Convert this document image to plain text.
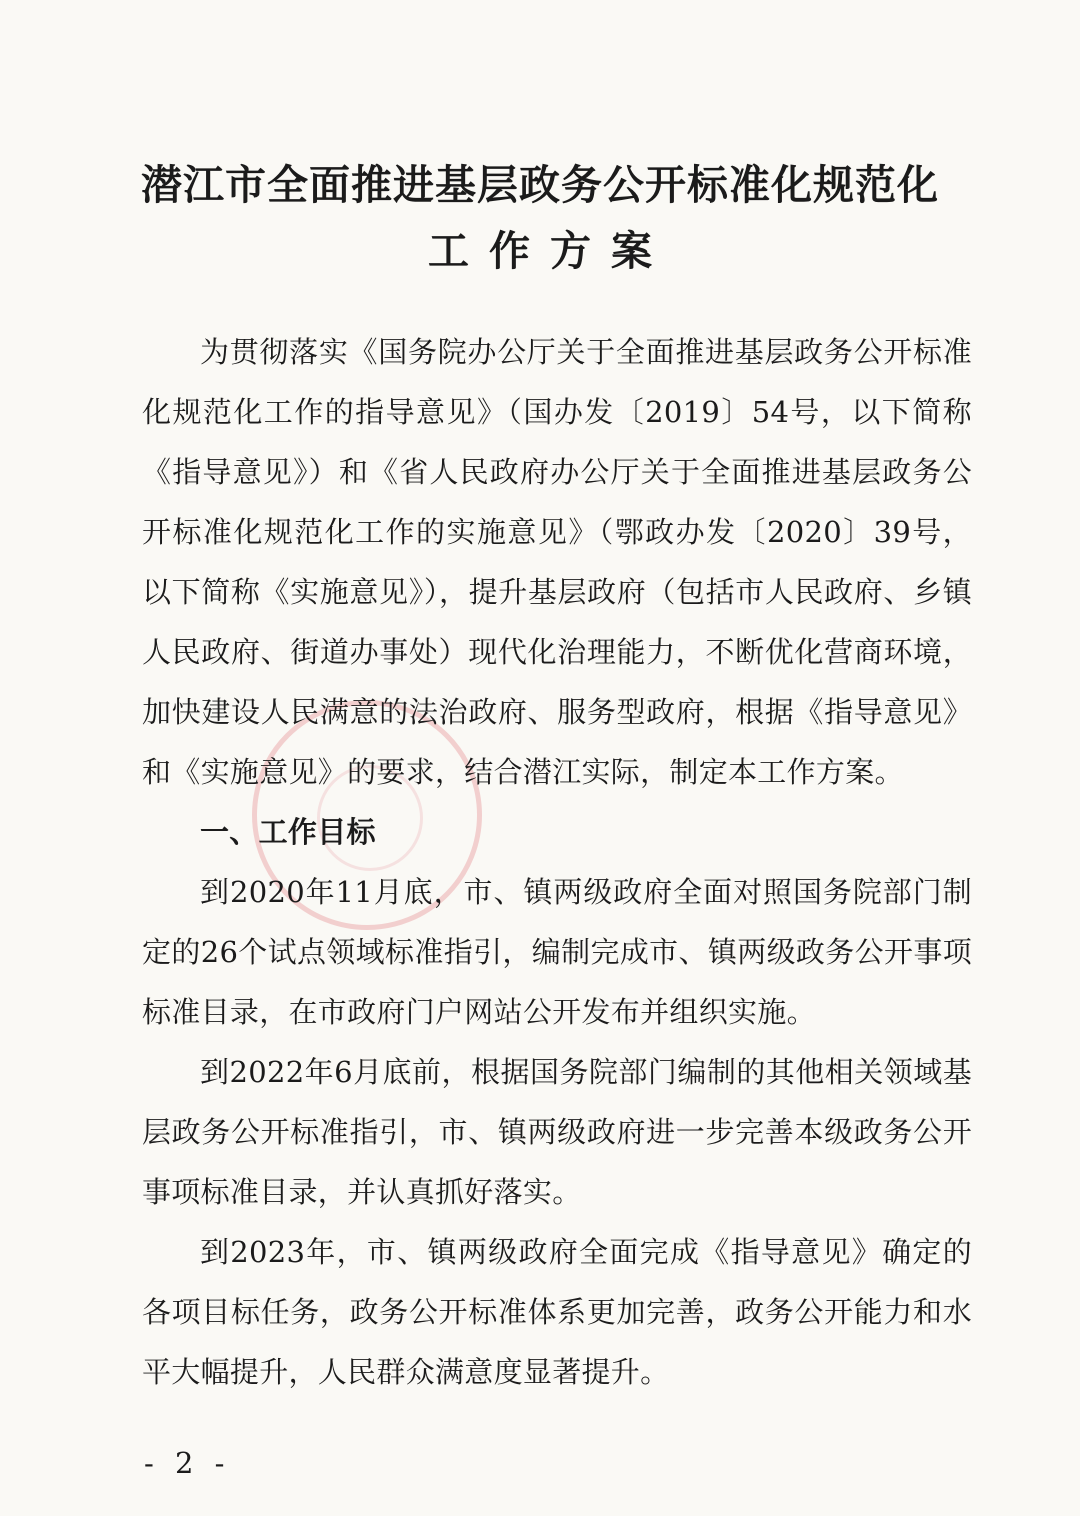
潜江市全面推进基层政务公开标准化规范化
工作方案

为贯彻落实《国务院办公厅关于全面推进基层政务公开标准化规范化工作的指导意见》（国办发〔2019〕54号，以下简称《指导意见》）和《省人民政府办公厅关于全面推进基层政务公开标准化规范化工作的实施意见》（鄂政办发〔2020〕39号，以下简称《实施意见》），提升基层政府（包括市人民政府、乡镇人民政府、街道办事处）现代化治理能力，不断优化营商环境，加快建设人民满意的法治政府、服务型政府，根据《指导意见》和《实施意见》的要求，结合潜江实际，制定本工作方案。

一、工作目标

到2020年11月底，市、镇两级政府全面对照国务院部门制定的26个试点领域标准指引，编制完成市、镇两级政务公开事项标准目录，在市政府门户网站公开发布并组织实施。

到2022年6月底前，根据国务院部门编制的其他相关领域基层政务公开标准指引，市、镇两级政府进一步完善本级政务公开事项标准目录，并认真抓好落实。

到2023年，市、镇两级政府全面完成《指导意见》确定的各项目标任务，政务公开标准体系更加完善，政务公开能力和水平大幅提升，人民群众满意度显著提升。

- 2 -
